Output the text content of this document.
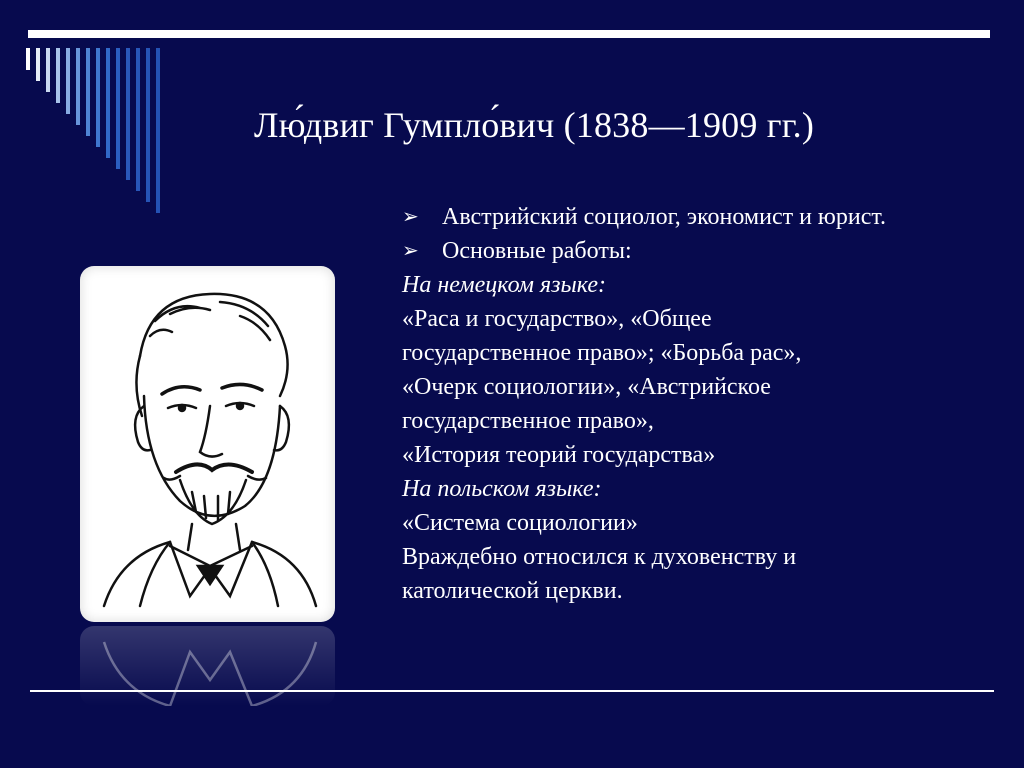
Лю́двиг Гумпло́вич (1838—1909 гг.)
➢ Австрийский социолог, экономист и юрист.
➢ Основные работы:
На немецком языке:
«Раса и государство», «Общее
государственное право»; «Борьба рас»,
«Очерк социологии», «Австрийское
государственное право»,
«История теорий государства»
На польском языке:
«Система социологии»
Враждебно относился к духовенству и
католической церкви.
